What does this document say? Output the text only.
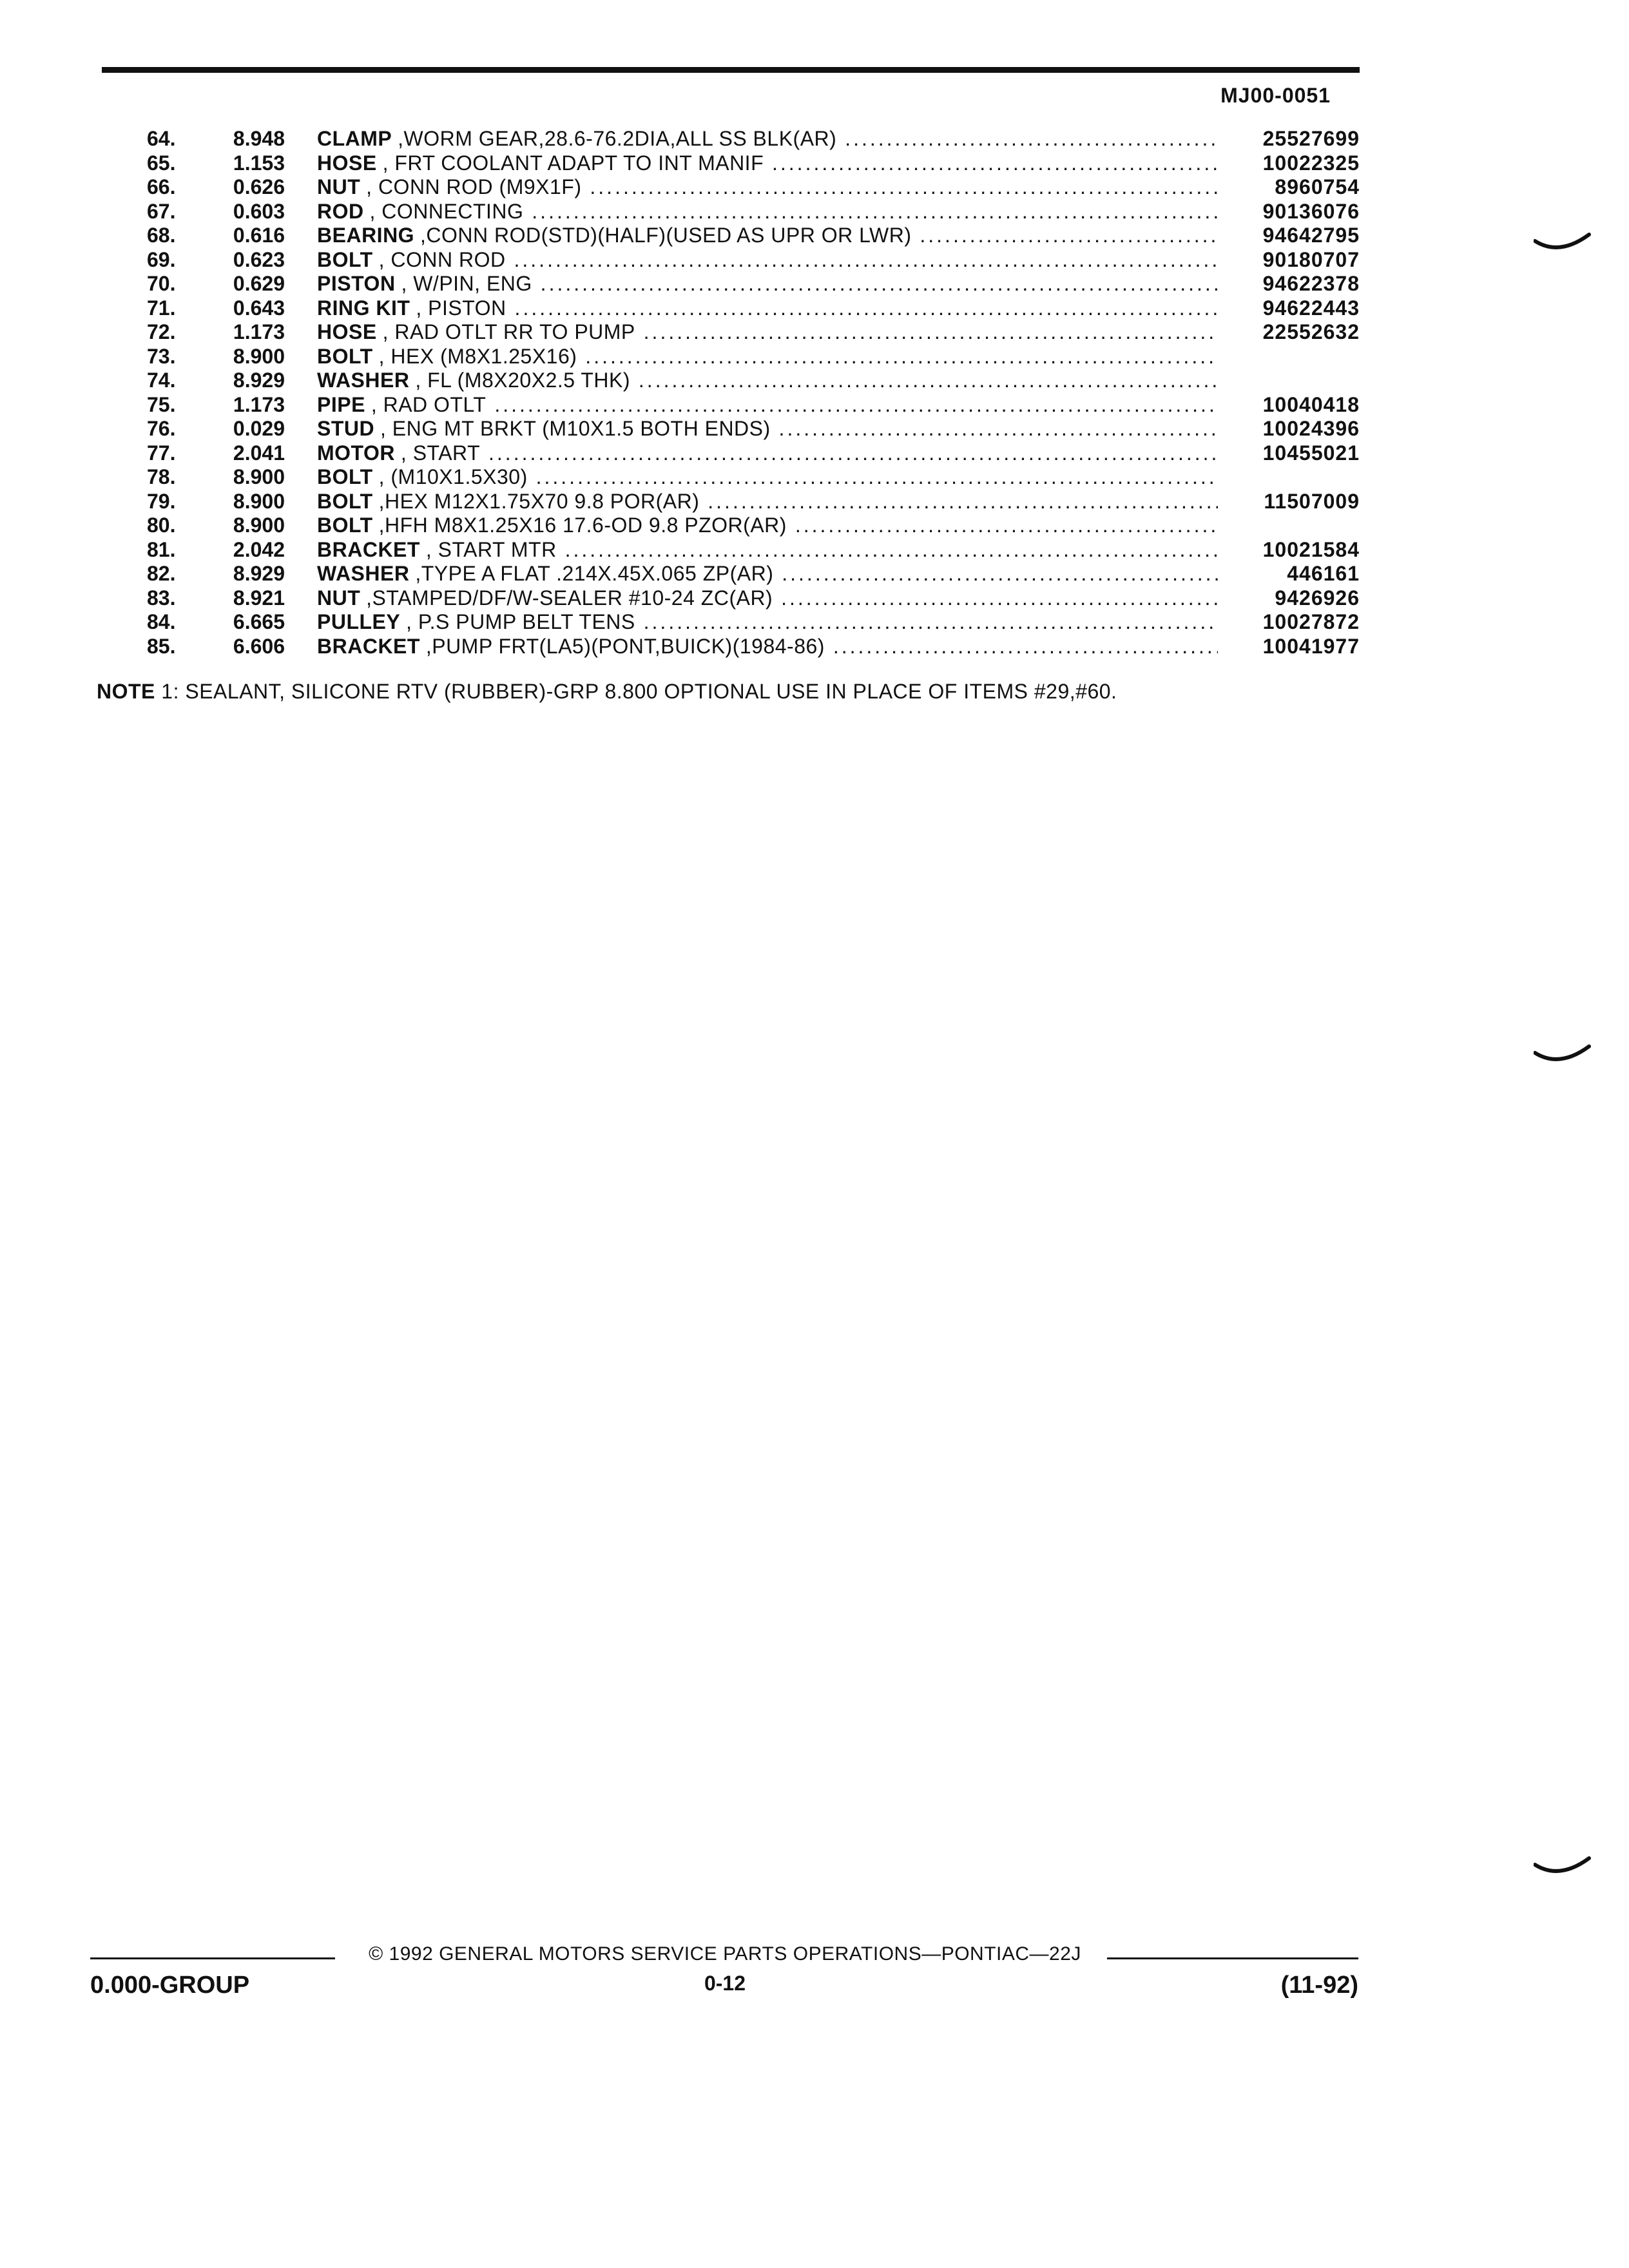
MJ00-0051
64.	8.948 CLAMP ,WORM GEAR,28.6-76.2DIA,ALL SS BLK(AR) .....	25527699
65.	1.153 HOSE , FRT COOLANT ADAPT TO INT MANIF .....	10022325
66.	0.626 NUT , CONN ROD (M9X1F) .....	8960754
67.	0.603 ROD , CONNECTING .....	90136076
68.	0.616 BEARING ,CONN ROD(STD)(HALF)(USED AS UPR OR LWR) .....	94642795
69.	0.623 BOLT , CONN ROD .....	90180707
70.	0.629 PISTON , W/PIN, ENG .....	94622378
71.	0.643 RING KIT , PISTON .....	94622443
72.	1.173 HOSE , RAD OTLT RR TO PUMP .....	22552632
73.	8.900 BOLT , HEX (M8X1.25X16) .....
74.	8.929 WASHER , FL (M8X20X2.5 THK) .....
75.	1.173 PIPE , RAD OTLT .....	10040418
76.	0.029 STUD , ENG MT BRKT (M10X1.5 BOTH ENDS) .....	10024396
77.	2.041 MOTOR , START .....	10455021
78.	8.900 BOLT , (M10X1.5X30) .....
79.	8.900 BOLT ,HEX M12X1.75X70 9.8 POR(AR) .....	11507009
80.	8.900 BOLT ,HFH M8X1.25X16 17.6-OD 9.8 PZOR(AR) .....
81.	2.042 BRACKET , START MTR .....	10021584
82.	8.929 WASHER ,TYPE A FLAT .214X.45X.065 ZP(AR) .....	446161
83.	8.921 NUT ,STAMPED/DF/W-SEALER #10-24 ZC(AR) .....	9426926
84.	6.665 PULLEY , P.S PUMP BELT TENS .....	10027872
85.	6.606 BRACKET ,PUMP FRT(LA5)(PONT,BUICK)(1984-86) .....	10041977
NOTE 1: SEALANT, SILICONE RTV (RUBBER)-GRP 8.800 OPTIONAL USE IN PLACE OF ITEMS #29,#60.
© 1992 GENERAL MOTORS SERVICE PARTS OPERATIONS—PONTIAC—22J
0.000-GROUP	0-12	(11-92)
